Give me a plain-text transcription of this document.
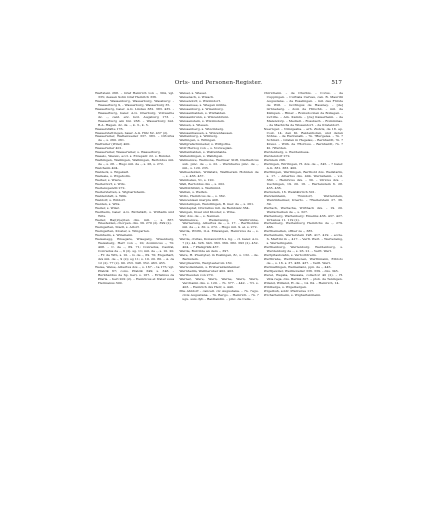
Orts- und Personen-Register.	517

Wartstein 268. – Graf Heinrich von –, 304, vgl. 335; dessen Sohn Graf Heinrich 336.

Wasmer, Wassenburg, Wasserburg, Wassburg: – Wasserburg 9, – Wasserburg, Wasserburg 35.

Wasserburg, baier. A.G. Lindau 382. 383. 435. – Wasserburg, baier. A.G. Oberburg, Vohwarne dz. –, cant. erz. bzd. Augsburg 173. – Wasserburg am Inn 268. – Wasserburg bzd. B.A. Hagen. dz. ds. –, k. 3., k. 5.

Wasserstätte 176.

Wasserstettingen, baier. A.G. Hitz 62. 437 (2).

Wasserwiler, Wattenweiler 337. 383. – Ortolfus de –, s. 260. 261.

Wattwiler (Wiler) 400.

Wasserwiler 401.

Wasserwiler, Wasserwiler, s. Wasserburg.

Waselo, Wezelo, eccl. s. Erzepatr. 22. s. Bundel.

Walhingen, Wailingen, Walhingen, Bertoldus mil. de –, s. 28. – Hugo mil. de –, s. 26, s. 272.

Walcheim 404.

Waldeck, s. Wigekarl.

Wailesie, s. Wigeholm.

Weiher, s. Wiere.

Weiterdorf, s. Wits.

Weitenspendli 272.

Weiterstetten, s. Wigbartsheim.

Walderstatt, s. Wilk.

Waldorf, s. Wildorf.

Weiden, s. Wits.

Weiler, s. Wiler.

Weilheim, baier. A.G. Bichstädt, s. Wilhalm und Wits.

Weiler, Ba(l)r(e)iten dzs. mll. –, s. 367. Wiesfelden, chorpen. dzs. 39. 270 (2). 399 (2).

Weingarten, Stadt, s. Altorf.

Weingarten, Kloster, s. Wingarten.

Weinheim, s. Wineheim.

Weisenegg, Wisegare, Wisegarg, Wisenberg, Weissberg, Herr von –, 10; dominicus –, 70. 408. – C. de –, 69. 71; Conradus, Castral, Conradus de –, 9 (2). sg. 11; mil. de –, s. 10. 20. – Fr. de Wfn, s. 10. – G. de –, 69. 70; Engelhart, dzs mil. de –, 9 (2); sg 11; s. 10. 20. 80. – A. de 12 (2). 77 (2). 90. 253. 348. 352. 463. 455.

Weise, Weise, Albertus dzs –, s. 167. – ta 175; vgl. Pfalzik 67; cons. Pfalzik 349; s. 348. – Burkhardus de Sp. heri, s. 167. – Erlwinus de Pfaris. – heri 202 (2). – Heinricus et frater suus Hermanus 300.

Weisel, s. Wiesel.

Weisensch, s. Wisach.

Weisendorf, s. Wizzindorf.

Weissensee, s. Wiegen mühle.

Weissenburg, s. Wizenburg.

Weissenhalden, s. Wizhalden.

Weissenbrunn, s. Wizzenbrunn.

Weissenstein, s. Wizzinstein.

Weisen, s. Wiesen.

Weissenberg, s. Wizzinberg.

Weissenhausen, s. Wizzenhausen.

Welfenburg, s. Wiliburg.

Weitingen, s. Witingen.

Welfgrafschmieder, s. Wilfgothe.

Wolf Herzog von –, s. Norwegian.

Welfenhalden, s. Welfenhalde.

Wellendingen, s. Walidigen.

Welmenwe, Welmone, Wernuar Stiff, Diethericus sub. pinc. de –, s. 22. – Wernherus pinc. de –, mil., s. 120. 235.

Welbesfelden, Wilistatz, Waltheram Hohnlen de –, s. 436. 437.

Weinbelau, 51, s. 120.

Wall, Bertoldus dzs –, s. 202.

Weitbühlbild, s. Weitmind.

Welfen, s. Welfen.

Wollo, Heinricus de –, s. 362.

Wenzenisen marpre 408.

Wendelingen, Wendlingen, B. mer. de –, s. 261.

Wendeplaf, Orwrellus mll. de Beinbiatz 364.

Wengen, Insel und Kloster, s. Wine.

Wer, dzs. de –, s. Nennen.

Weilmenwe, Weilenwung, Weilbrunne, Wernerung, Albertus de –, s. 17. – Bertholdus mil. de –, s. 30. s. 272. – Hugo mil. 9. el. s. 272.

Werda, Wörth, O.A. Ellwangen, Heinricus de –, s. 77.

Werde, civitas, Donauwörth s. hg. – ct. baier. A.G. ? (2). 44. 326. 343. 363. 369. 382. 393 (2). 452. 404. – ? Pfalzgräfs 437.

Werde, Burcilde an dem –, 397.

Were, H. Presbyter, in Esslingen, 8c, s. 132. – de. Bernstein.

Wergtiewirm, Wergtesterom 130.

Wernollenheim, s. Erzberaldenheimer.

Wernhelim, Wellheruber 402. 403.

Werrheuden von 270.

Werner, Were, Wern, Werne, Wern, Wern, Verchanin dzs. s. 120. – ?n. 377. – 442. – ?ri. s. 403. – Heinrich dzs Herr, s. 440.

Mie Ahldorf – cancell. civ Augustana. – ?n. ?ugu. civis Augustana. – ?n. Bergo. – Heinrich. – ?n. ?ugu. suis dyb – Baidlandin. – pinc. de Celle. –

Chiricheim. – de Churbis. – Corus. – de Cuppingen. – Curtiala Carvau, can. B. Mauritii Augustane. – de Esselingen. – mil. des Fürste de Wilt. – Gotfingus de Hassney. – [de] Grüneberg. – dom de Hirschb. – mil. de Kämpen. – Hiner. – Romsdoczien de Bollegen. – loctilte. – Ain. Kamm. – [de] Kaiserheim. – de Malendorp. – Mediell. – Rossbach. – Romminas. – de Mazhichs de Wissendorf. – de Krateldorf.

Nuernger. – Nimigesha. – erh. Zistzis, de 18. ep. Cost. 14. den Kl. Reidenhofen, und deren Söhne. – de Herrenalb. – ?n. ?Burgeles. – ?n. ?Schmid. – Grafen in Hegelau, – Bernhardt, ?n. ?Kreuz. – Wilh. de ?Hornuu. – Bernhardt, ?n. ?Kl. ?Werden.

Werdenberg, s. Werdenbesa.

Werdendorf 272.

Wernlein 296.

Weringen, Wirringen, H. dzs. de –, 345. – ? baier. A.G. 381. 383. 400.

Wertlingen, Wertlingen, Berthold dzs. Weilstarm, s. 17. – Albertus dzs. 404. Wernsheim. – v.d. 360. – Heinricus dzs. – 30. – Ulricus dzs. – Uechingen, 19. 20. 16. – Hertenstein 6. 28. 435. 436.

Wernstein, 16. Weistäbrüch 301.

Werzleinheim, ?Vundorf, Wetterstein, Wenrinheimer, Uberto. – ?Weiterstein 27. 36. 39.

Wertach, Wertacha, Wirthach dzs. – 19. 20. Weitscheiben de –, s. 327.

Wartenberg, Wartenberg: Emelins 436. 437. 427. Urbanus 11. 119 (2).

Wertenberg, Wertenburg Heinrichs de –, 279. 466.

Werthemellen, offber ze –, 385.

Wertenheim, Werterstein 198. 417. 419. – eccle. S. Martini in –, 417. – Verfl. Wert. – Werteraing, s. Werteringehn.

Werthenburg, Wertenburg. Werdenburg, s. Werdenburg de –, s. 26. 21. – Verfl. Wert.

Wertpflaubzahn, s. Verborfdreim.

Werthrabe, Werthfenunen, Werthmann, Elbtoto de –, s. 16. s. 37. 436. 437. – Verfl. Wert.

Wermalfingen, Weimelianz, ppn. de –, 445.

Wertljewiler, Weilmoteller 336. 339. – dzs. 345.

Werel, Wepsla, Wessaia, collector 40 (2). – H. villa rega. dzs. Barmk 307. – ptob. de Teningen.

Wiland, Willand, H. de –, 14. 84. – Heinrich, 14.

Wildberge, s. Wigelbergen.

Wigelbuh, soldr. Pfarrenve 117.

Wicharteinheim, s. Wigharteinheim.
